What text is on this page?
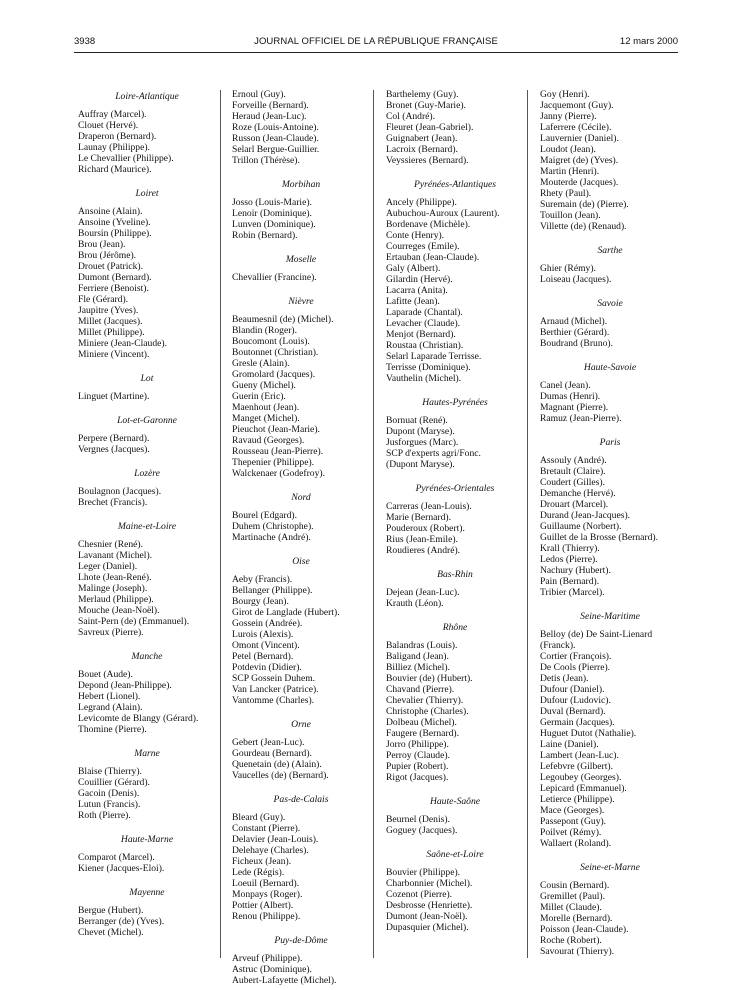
3938	JOURNAL OFFICIEL DE LA RÉPUBLIQUE FRANÇAISE	12 mars 2000
Loire-Atlantique
Auffray (Marcel).
Clouet (Hervé).
Draperon (Bernard).
Launay (Philippe).
Le Chevallier (Philippe).
Richard (Maurice).
Loiret
Ansoine (Alain).
Ansoine (Yveline).
Boursin (Philippe).
Brou (Jean).
Brou (Jérôme).
Drouet (Patrick).
Dumont (Bernard).
Ferriere (Benoist).
Fle (Gérard).
Jaupitre (Yves).
Millet (Jacques).
Millet (Philippe).
Miniere (Jean-Claude).
Miniere (Vincent).
Lot
Linguet (Martine).
Lot-et-Garonne
Perpere (Bernard).
Vergnes (Jacques).
Lozère
Boulagnon (Jacques).
Brechet (Francis).
Maine-et-Loire
Chesnier (René).
Lavanant (Michel).
Leger (Daniel).
Lhote (Jean-René).
Malinge (Joseph).
Merlaud (Philippe).
Mouche (Jean-Noël).
Saint-Pern (de) (Emmanuel).
Savreux (Pierre).
Manche
Bouet (Aude).
Depond (Jean-Philippe).
Hebert (Lionel).
Legrand (Alain).
Levicomte de Blangy (Gérard).
Thomine (Pierre).
Marne
Blaise (Thierry).
Couillier (Gérard).
Gacoin (Denis).
Lutun (Francis).
Roth (Pierre).
Haute-Marne
Comparot (Marcel).
Kiener (Jacques-Eloi).
Mayenne
Bergue (Hubert).
Berranger (de) (Yves).
Chevet (Michel).
Ernoul (Guy).
Forveille (Bernard).
Heraud (Jean-Luc).
Roze (Louis-Antoine).
Russon (Jean-Claude).
Selarl Bergue-Guillier.
Trillon (Thérèse).
Morbihan
Josso (Louis-Marie).
Lenoir (Dominique).
Lunven (Dominique).
Robin (Bernard).
Moselle
Chevallier (Francine).
Nièvre
Beaumesnil (de) (Michel).
Blandin (Roger).
Boucomont (Louis).
Boutonnet (Christian).
Gresle (Alain).
Gromolard (Jacques).
Gueny (Michel).
Guerin (Eric).
Maenhout (Jean).
Manget (Michel).
Pieuchot (Jean-Marie).
Ravaud (Georges).
Rousseau (Jean-Pierre).
Thepenier (Philippe).
Walckenaer (Godefroy).
Nord
Bourel (Edgard).
Duhem (Christophe).
Martinache (André).
Oise
Aeby (Francis).
Bellanger (Philippe).
Bourgy (Jean).
Girot de Langlade (Hubert).
Gossein (Andrée).
Lurois (Alexis).
Omont (Vincent).
Petel (Bernard).
Potdevin (Didier).
SCP Gossein Duhem.
Van Lancker (Patrice).
Vantomme (Charles).
Orne
Gebert (Jean-Luc).
Gourdeau (Bernard).
Quenetain (de) (Alain).
Vaucelles (de) (Bernard).
Pas-de-Calais
Bleard (Guy).
Constant (Pierre).
Delavier (Jean-Louis).
Delehaye (Charles).
Ficheux (Jean).
Lede (Régis).
Loeuil (Bernard).
Monpays (Roger).
Pottier (Albert).
Renou (Philippe).
Puy-de-Dôme
Arveuf (Philippe).
Astruc (Dominique).
Aubert-Lafayette (Michel).
Barthelemy (Guy).
Bronet (Guy-Marie).
Col (André).
Fleuret (Jean-Gabriel).
Guignabert (Jean).
Lacroix (Bernard).
Veyssieres (Bernard).
Pyrénées-Atlantiques
Ancely (Philippe).
Aubuchou-Auroux (Laurent).
Bordenave (Michèle).
Conte (Henry).
Courreges (Emile).
Ertauban (Jean-Claude).
Galy (Albert).
Gilardin (Hervé).
Lacarra (Anita).
Lafitte (Jean).
Laparade (Chantal).
Levacher (Claude).
Menjot (Bernard).
Roustaa (Christian).
Selarl Laparade Terrisse.
Terrisse (Dominique).
Vauthelin (Michel).
Hautes-Pyrénées
Bornuat (René).
Dupont (Maryse).
Jusforgues (Marc).
SCP d'experts agri/Fonc.
(Dupont Maryse).
Pyrénées-Orientales
Carreras (Jean-Louis).
Marie (Bernard).
Pouderoux (Robert).
Rius (Jean-Emile).
Roudieres (André).
Bas-Rhin
Dejean (Jean-Luc).
Krauth (Léon).
Rhône
Balandras (Louis).
Baligand (Jean).
Billiez (Michel).
Bouvier (de) (Hubert).
Chavand (Pierre).
Chevalier (Thierry).
Christophe (Charles).
Dolbeau (Michel).
Faugere (Bernard).
Jorro (Philippe).
Perroy (Claude).
Pupier (Robert).
Rigot (Jacques).
Haute-Saône
Beurnel (Denis).
Goguey (Jacques).
Saône-et-Loire
Bouvier (Philippe).
Charbonnier (Michel).
Cozenot (Pierre).
Desbrosse (Henriette).
Dumont (Jean-Noël).
Dupasquier (Michel).
Goy (Henri).
Jacquemont (Guy).
Janny (Pierre).
Laferrere (Cécile).
Lauvernier (Daniel).
Loudot (Jean).
Maigret (de) (Yves).
Martin (Henri).
Mouterde (Jacques).
Rhety (Paul).
Suremain (de) (Pierre).
Touillon (Jean).
Villette (de) (Renaud).
Sarthe
Ghier (Rémy).
Loiseau (Jacques).
Savoie
Arnaud (Michel).
Berthier (Gérard).
Boudrand (Bruno).
Haute-Savoie
Canel (Jean).
Dumas (Henri).
Magnant (Pierre).
Ramuz (Jean-Pierre).
Paris
Assouly (André).
Bretault (Claire).
Coudert (Gilles).
Demanche (Hervé).
Drouart (Marcel).
Durand (Jean-Jacques).
Guillaume (Norbert).
Guillet de la Brosse (Bernard).
Krall (Thierry).
Ledos (Pierre).
Nachury (Hubert).
Pain (Bernard).
Tribier (Marcel).
Seine-Maritime
Belloy (de) De Saint-Lienard
(Franck).
Cortier (François).
De Cools (Pierre).
Detis (Jean).
Dufour (Daniel).
Dufour (Ludovic).
Duval (Bernard).
Germain (Jacques).
Huguet Dutot (Nathalie).
Laine (Daniel).
Lambert (Jean-Luc).
Lefebvre (Gilbert).
Legoubey (Georges).
Lepicard (Emmanuel).
Letierce (Philippe).
Mace (Georges).
Passepont (Guy).
Poilvet (Rémy).
Wallaert (Roland).
Seine-et-Marne
Cousin (Bernard).
Gremillet (Paul).
Millet (Claude).
Morelle (Bernard).
Poisson (Jean-Claude).
Roche (Robert).
Savourat (Thierry).
